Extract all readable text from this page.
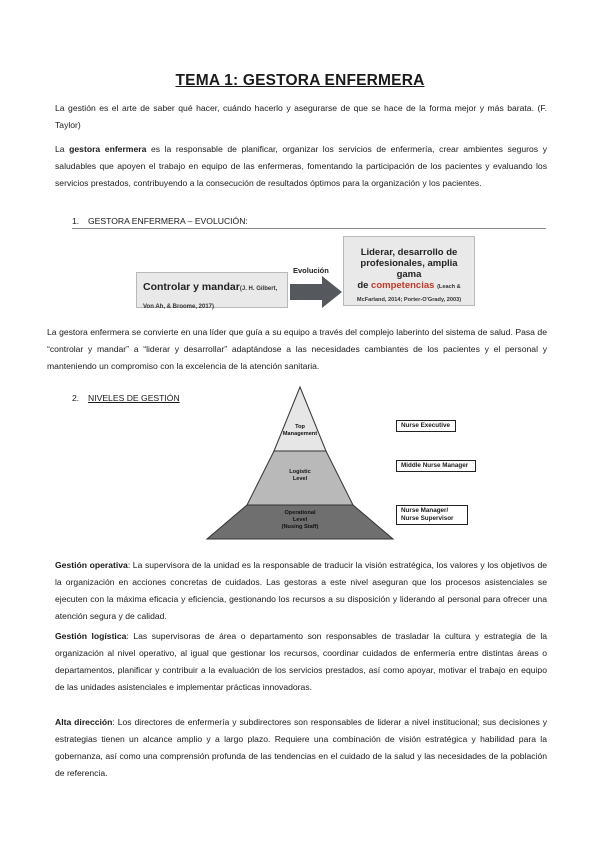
TEMA 1: GESTORA ENFERMERA

La gestión es el arte de saber qué hacer, cuándo hacerlo y asegurarse de que se hace de la forma mejor y más barata. (F. Taylor)

La gestora enfermera es la responsable de planificar, organizar los servicios de enfermería, crear ambientes seguros y saludables que apoyen el trabajo en equipo de las enfermeras, fomentando la participación de los pacientes y evaluando los servicios prestados, contribuyendo a la consecución de resultados óptimos para la organización y los pacientes.

1. GESTORA ENFERMERA – EVOLUCIÓN:
Controlar y mandar(J. H. Gilbert, Von Ah, & Broome, 2017)
Evolución
Liderar, desarrollo de
profesionales, amplia gama
de competencias (Leach & McFarland, 2014; Porter-O'Grady, 2003)

La gestora enfermera se convierte en una líder que guía a su equipo a través del complejo laberinto del sistema de salud. Pasa de “controlar y mandar” a “liderar y desarrollar” adaptándose a las necesidades cambiantes de los pacientes y el personal y manteniendo un compromiso con la excelencia de la atención sanitaria.

2. NIVELES DE GESTIÓN
Top
Management
Logistic
Level
Operational
Level
(Nusing Staff)
Nurse Executive
Middle Nurse Manager
Nurse Manager/
Nurse Supervisor

Gestión operativa: La supervisora de la unidad es la responsable de traducir la visión estratégica, los valores y los objetivos de la organización en acciones concretas de cuidados. Las gestoras a este nivel aseguran que los procesos asistenciales se ejecuten con la máxima eficacia y eficiencia, gestionando los recursos a su disposición y liderando al personal para ofrecer una atención segura y de calidad.

Gestión logística: Las supervisoras de área o departamento son responsables de trasladar la cultura y estrategia de la organización al nivel operativo, al igual que gestionar los recursos, coordinar cuidados de enfermería entre distintas áreas o departamentos, planificar y contribuir a la evaluación de los servicios prestados, así como apoyar, motivar el trabajo en equipo de las unidades asistenciales e implementar prácticas innovadoras.

Alta dirección: Los directores de enfermería y subdirectores son responsables de liderar a nivel institucional; sus decisiones y estrategias tienen un alcance amplio y a largo plazo. Requiere una combinación de visión estratégica y habilidad para la gobernanza, así como una comprensión profunda de las tendencias en el cuidado de la salud y las necesidades de la población de referencia.
